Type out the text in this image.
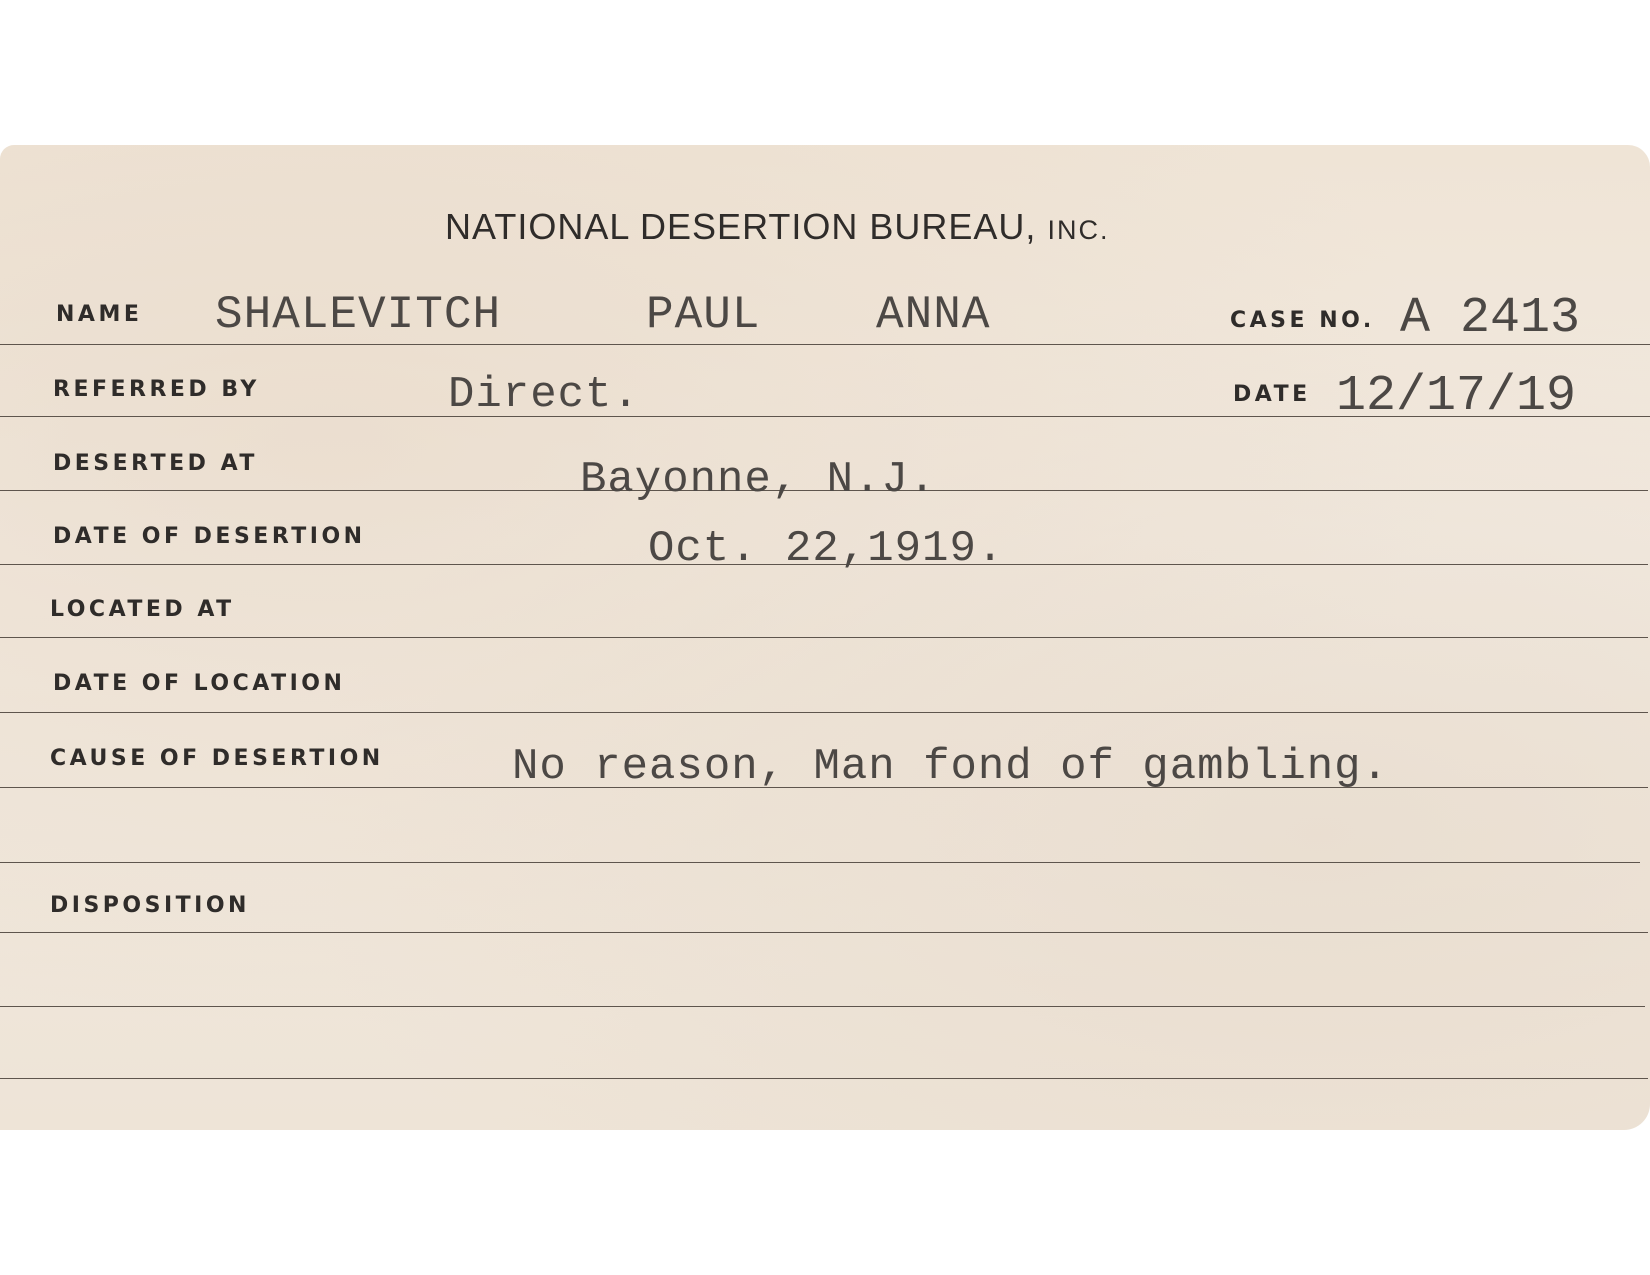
NATIONAL DESERTION BUREAU, INC.
NAME SHALEVITCH	PAUL	ANNA	CASE NO. A 2413
REFERRED BY	Direct.	DATE 12/17/19
DESERTED AT	Bayonne, N.J.
DATE OF DESERTION	Oct. 22,1919.
LOCATED AT
DATE OF LOCATION
CAUSE OF DESERTION	No reason, Man fond of gambling.
DISPOSITION
